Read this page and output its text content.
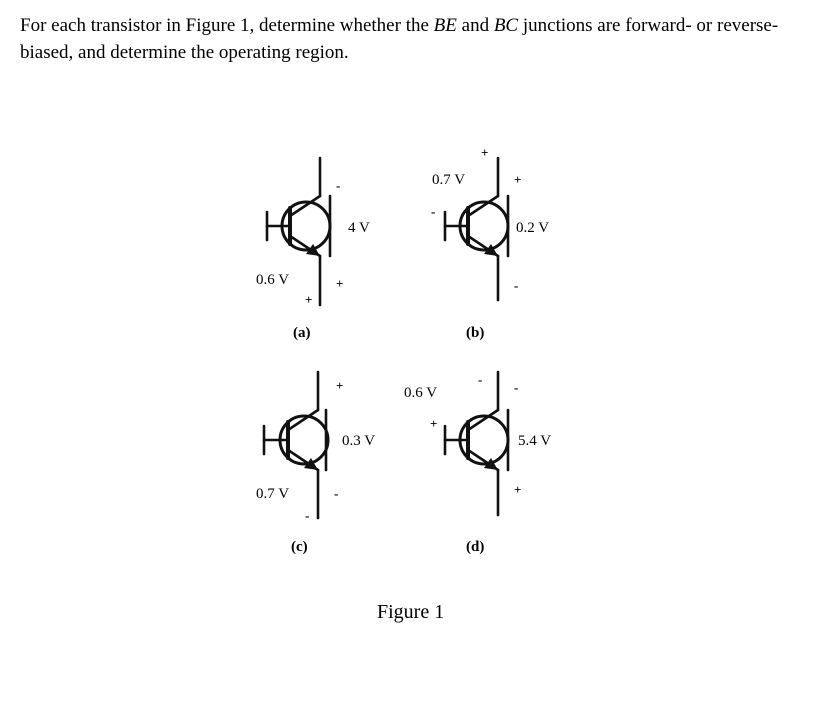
For each transistor in Figure 1, determine whether the BE and BC junctions are forward- or reverse-biased, and determine the operating region.

-
4 V
0.6 V
+
+
(a)
0.7 V
+
+
-
0.2 V
-
(b)
+
0.3 V
0.7 V	-
-
(c)
0.6 V
-
-
+
5.4 V
+
(d)
Figure 1
